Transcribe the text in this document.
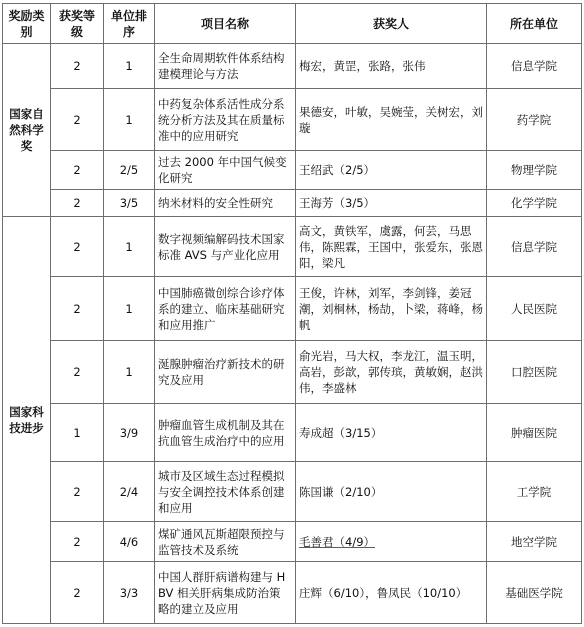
奖励类别	获奖等级	单位排序	项目名称	获奖人	所在单位
国家自然科学奖	2	1	全生命周期软件体系结构建模理论与方法	梅宏，黄罡，张路，张伟	信息学院
	2	1	中药复杂体系活性成分系统分析方法及其在质量标准中的应用研究	果德安，叶敏，吴婉莹，关树宏，刘璇	药学院
	2	2/5	过去 2000 年中国气候变化研究	王绍武（2/5）	物理学院
	2	3/5	纳米材料的安全性研究	王海芳（3/5）	化学学院
国家科技进步	2	1	数字视频编解码技术国家标准 AVS 与产业化应用	高文，黄铁军，虞露，何芸，马思伟，陈熙霖，王国中，张爱东，张恩阳，梁凡	信息学院
	2	1	中国肺癌微创综合诊疗体系的建立、临床基础研究和应用推广	王俊，许林，刘军，李剑锋，姜冠潮，刘桐林，杨劼，卜梁，蒋峰，杨帆	人民医院
	2	1	涎腺肿瘤治疗新技术的研究及应用	俞光岩，马大权，李龙江，温玉明，高岩，彭歆，郭传瑸，黄敏娴，赵洪伟，李盛林	口腔医院
	1	3/9	肿瘤血管生成机制及其在抗血管生成治疗中的应用	寿成超（3/15）	肿瘤医院
	2	2/4	城市及区域生态过程模拟与安全调控技术体系创建和应用	陈国谦（2/10）	工学院
	2	4/6	煤矿通风瓦斯超限预控与监管技术及系统	毛善君（4/9）	地空学院
	2	3/3	中国人群肝病谱构建与 HBV 相关肝病集成防治策略的建立及应用	庄辉（6/10），鲁凤民（10/10）	基础医学院
